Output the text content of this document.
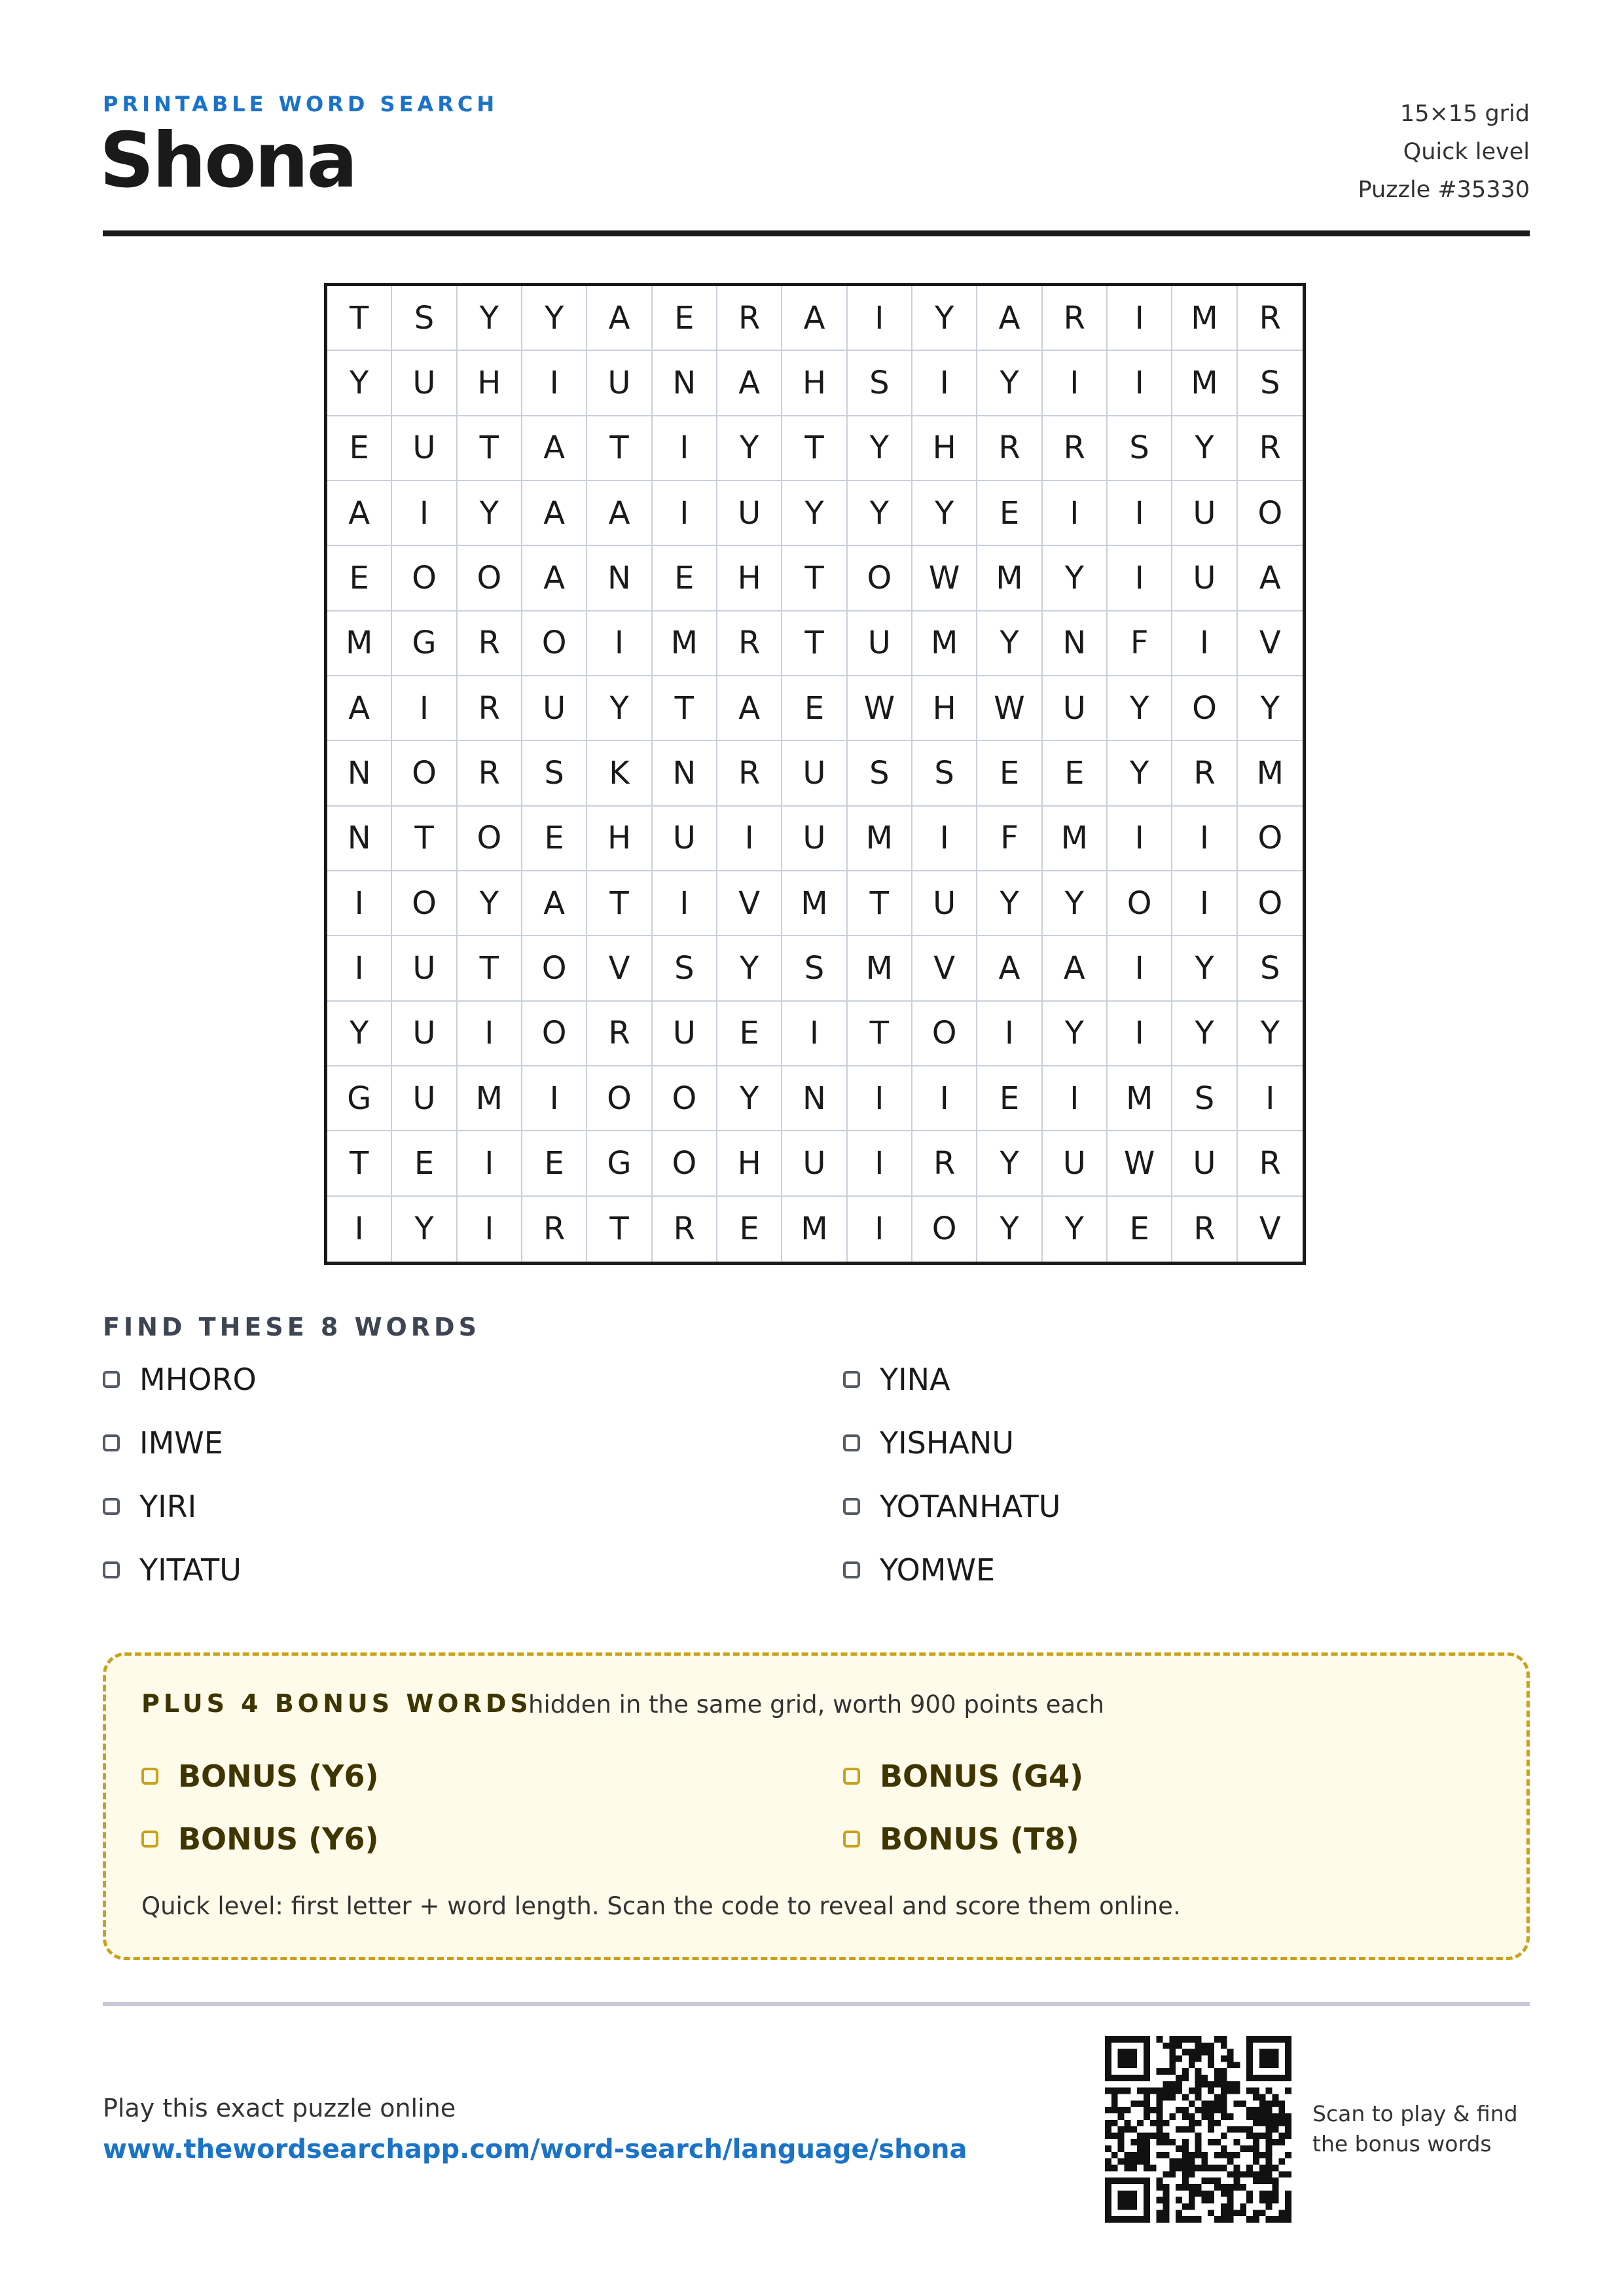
PRINTABLE WORD SEARCH
Shona
15×15 grid
Quick level
Puzzle #35330
T	S	Y	Y	A	E	R	A	I	Y	A	R	I	M	R
Y	U	H	I	U	N	A	H	S	I	Y	I	I	M	S
E	U	T	A	T	I	Y	T	Y	H	R	R	S	Y	R
A	I	Y	A	A	I	U	Y	Y	Y	E	I	I	U	O
E	O	O	A	N	E	H	T	O	W	M	Y	I	U	A
M	G	R	O	I	M	R	T	U	M	Y	N	F	I	V
A	I	R	U	Y	T	A	E	W	H	W	U	Y	O	Y
N	O	R	S	K	N	R	U	S	S	E	E	Y	R	M
N	T	O	E	H	U	I	U	M	I	F	M	I	I	O
I	O	Y	A	T	I	V	M	T	U	Y	Y	O	I	O
I	U	T	O	V	S	Y	S	M	V	A	A	I	Y	S
Y	U	I	O	R	U	E	I	T	O	I	Y	I	Y	Y
G	U	M	I	O	O	Y	N	I	I	E	I	M	S	I
T	E	I	E	G	O	H	U	I	R	Y	U	W	U	R
I	Y	I	R	T	R	E	M	I	O	Y	Y	E	R	V
FIND THESE 8 WORDS
MHORO
IMWE
YIRI
YITATU
YINA
YISHANU
YOTANHATU
YOMWE
PLUS 4 BONUS WORDS
hidden in the same grid, worth 900 points each
BONUS (Y6)
BONUS (Y6)
BONUS (G4)
BONUS (T8)
Quick level: first letter + word length. Scan the code to reveal and score them online.
Play this exact puzzle online
www.thewordsearchapp.com/word-search/language/shona
Scan to play & find
the bonus words
